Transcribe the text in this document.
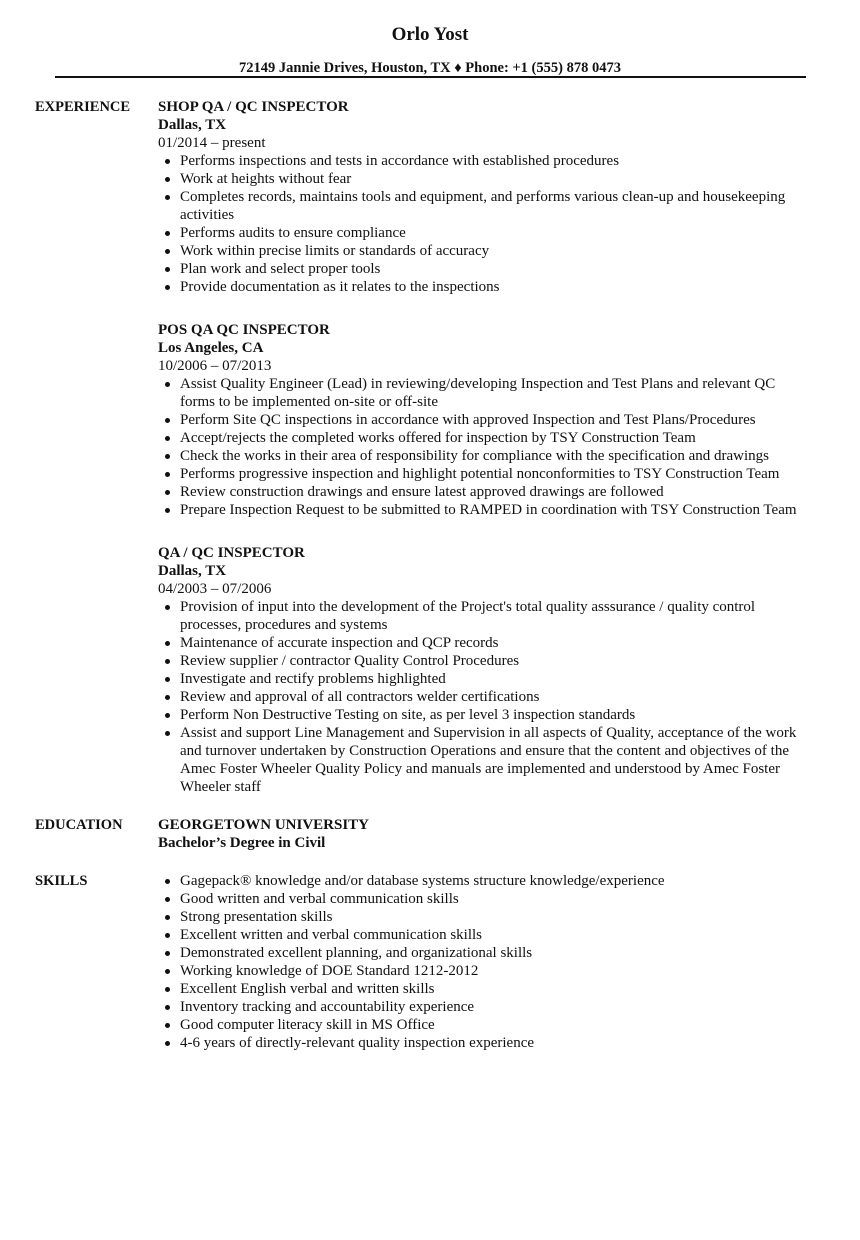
Orlo Yost
72149 Jannie Drives, Houston, TX ♦ Phone: +1 (555) 878 0473
EXPERIENCE SHOP QA / QC INSPECTOR
Dallas, TX
01/2014 – present
Performs inspections and tests in accordance with established procedures
Work at heights without fear
Completes records, maintains tools and equipment, and performs various clean-up and housekeeping activities
Performs audits to ensure compliance
Work within precise limits or standards of accuracy
Plan work and select proper tools
Provide documentation as it relates to the inspections
POS QA QC INSPECTOR
Los Angeles, CA
10/2006 – 07/2013
Assist Quality Engineer (Lead) in reviewing/developing Inspection and Test Plans and relevant QC forms to be implemented on-site or off-site
Perform Site QC inspections in accordance with approved Inspection and Test Plans/Procedures
Accept/rejects the completed works offered for inspection by TSY Construction Team
Check the works in their area of responsibility for compliance with the specification and drawings
Performs progressive inspection and highlight potential nonconformities to TSY Construction Team
Review construction drawings and ensure latest approved drawings are followed
Prepare Inspection Request to be submitted to RAMPED in coordination with TSY Construction Team
QA / QC INSPECTOR
Dallas, TX
04/2003 – 07/2006
Provision of input into the development of the Project's total quality asssurance / quality control processes, procedures and systems
Maintenance of accurate inspection and QCP records
Review supplier / contractor Quality Control Procedures
Investigate and rectify problems highlighted
Review and approval of all contractors welder certifications
Perform Non Destructive Testing on site, as per level 3 inspection standards
Assist and support Line Management and Supervision in all aspects of Quality, acceptance of the work and turnover undertaken by Construction Operations and ensure that the content and objectives of the Amec Foster Wheeler Quality Policy and manuals are implemented and understood by Amec Foster Wheeler staff
EDUCATION GEORGETOWN UNIVERSITY
Bachelor’s Degree in Civil
SKILLS	Gagepack® knowledge and/or database systems structure knowledge/experience
Good written and verbal communication skills
Strong presentation skills
Excellent written and verbal communication skills
Demonstrated excellent planning, and organizational skills
Working knowledge of DOE Standard 1212-2012
Excellent English verbal and written skills
Inventory tracking and accountability experience
Good computer literacy skill in MS Office
4-6 years of directly-relevant quality inspection experience
